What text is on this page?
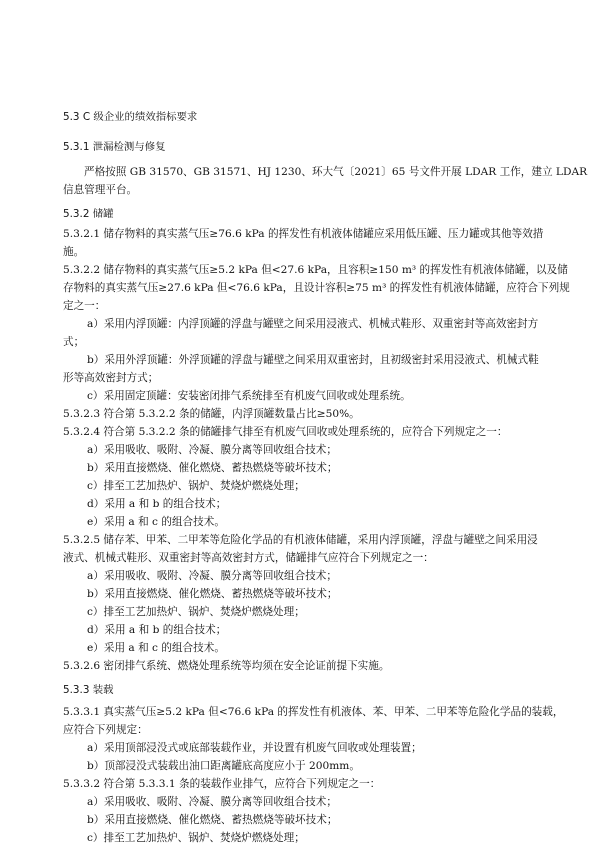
5.3 C 级企业的绩效指标要求
5.3.1 泄漏检测与修复
严格按照 GB 31570、GB 31571、HJ 1230、环大气〔2021〕65 号文件开展 LDAR 工作，建立 LDAR
信息管理平台。
5.3.2 储罐
5.3.2.1 储存物料的真实蒸气压≥76.6 kPa 的挥发性有机液体储罐应采用低压罐、压力罐或其他等效措
施。
5.3.2.2 储存物料的真实蒸气压≥5.2 kPa 但<27.6 kPa，且容积≥150 m³ 的挥发性有机液体储罐，以及储
存物料的真实蒸气压≥27.6 kPa 但<76.6 kPa，且设计容积≥75 m³ 的挥发性有机液体储罐，应符合下列规
定之一：
a）采用内浮顶罐：内浮顶罐的浮盘与罐壁之间采用浸液式、机械式鞋形、双重密封等高效密封方
式；
b）采用外浮顶罐：外浮顶罐的浮盘与罐壁之间采用双重密封，且初级密封采用浸液式、机械式鞋
形等高效密封方式；
c）采用固定顶罐：安装密闭排气系统排至有机废气回收或处理系统。
5.3.2.3 符合第 5.3.2.2 条的储罐，内浮顶罐数量占比≥50%。
5.3.2.4 符合第 5.3.2.2 条的储罐排气排至有机废气回收或处理系统的，应符合下列规定之一：
a）采用吸收、吸附、冷凝、膜分离等回收组合技术；
b）采用直接燃烧、催化燃烧、蓄热燃烧等破坏技术；
c）排至工艺加热炉、锅炉、焚烧炉燃烧处理；
d）采用 a 和 b 的组合技术；
e）采用 a 和 c 的组合技术。
5.3.2.5 储存苯、甲苯、二甲苯等危险化学品的有机液体储罐，采用内浮顶罐，浮盘与罐壁之间采用浸
液式、机械式鞋形、双重密封等高效密封方式，储罐排气应符合下列规定之一：
a）采用吸收、吸附、冷凝、膜分离等回收组合技术；
b）采用直接燃烧、催化燃烧、蓄热燃烧等破坏技术；
c）排至工艺加热炉、锅炉、焚烧炉燃烧处理；
d）采用 a 和 b 的组合技术；
e）采用 a 和 c 的组合技术。
5.3.2.6 密闭排气系统、燃烧处理系统等均须在安全论证前提下实施。
5.3.3 装载
5.3.3.1 真实蒸气压≥5.2 kPa 但<76.6 kPa 的挥发性有机液体、苯、甲苯、二甲苯等危险化学品的装载，
应符合下列规定：
a）采用顶部浸没式或底部装载作业，并设置有机废气回收或处理装置；
b）顶部浸没式装载出油口距离罐底高度应小于 200mm。
5.3.3.2 符合第 5.3.3.1 条的装载作业排气，应符合下列规定之一：
a）采用吸收、吸附、冷凝、膜分离等回收组合技术；
b）采用直接燃烧、催化燃烧、蓄热燃烧等破坏技术；
c）排至工艺加热炉、锅炉、焚烧炉燃烧处理；
